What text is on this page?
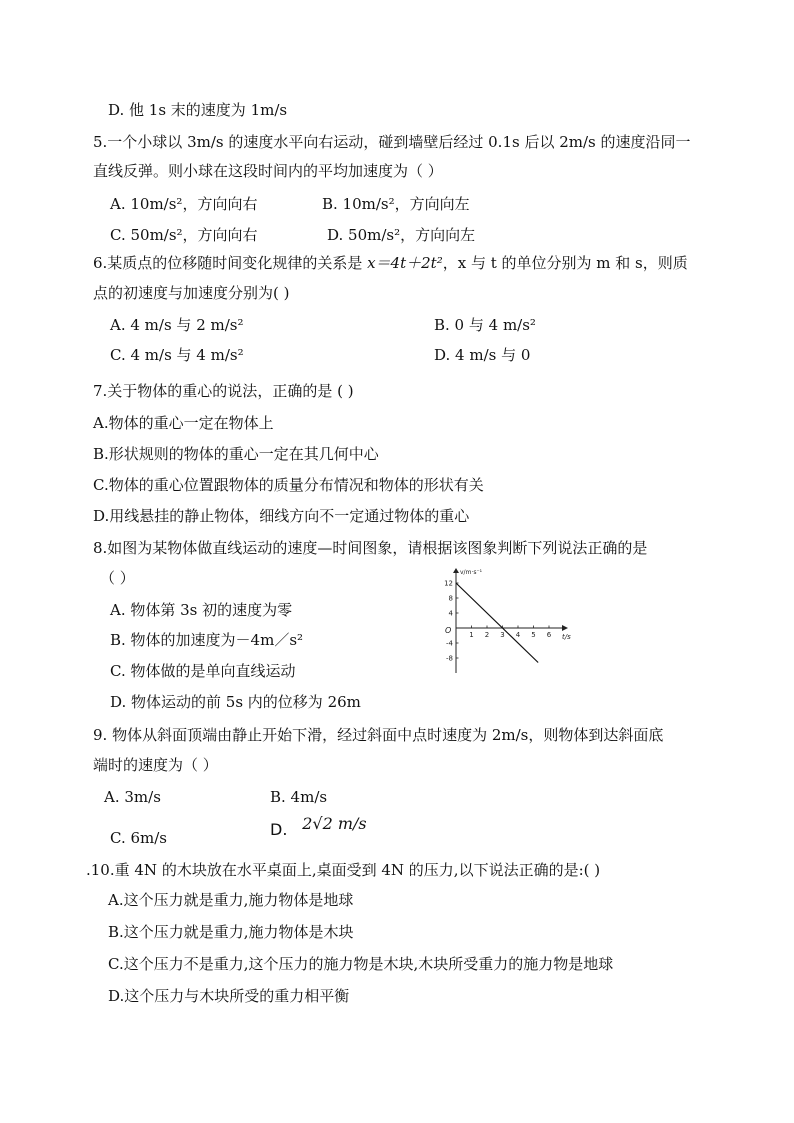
D. 他 1s 末的速度为 1m/s
5.一个小球以 3m/s 的速度水平向右运动，碰到墙壁后经过 0.1s 后以 2m/s 的速度沿同一
直线反弹。则小球在这段时间内的平均加速度为（ ）
A. 10m/s²，方向向右	B. 10m/s²，方向向左
C. 50m/s²，方向向右	D. 50m/s²，方向向左
6.某质点的位移随时间变化规律的关系是 x＝4t＋2t²，x 与 t 的单位分别为 m 和 s，则质
点的初速度与加速度分别为( )
A. 4 m/s 与 2 m/s²	B. 0 与 4 m/s²
C. 4 m/s 与 4 m/s²	D. 4 m/s 与 0
7.关于物体的重心的说法，正确的是 ( )
A.物体的重心一定在物体上
B.形状规则的物体的重心一定在其几何中心
C.物体的重心位置跟物体的质量分布情况和物体的形状有关
D.用线悬挂的静止物体，细线方向不一定通过物体的重心
8.如图为某物体做直线运动的速度—时间图象，请根据该图象判断下列说法正确的是
（ ）
A. 物体第 3s 初的速度为零
B. 物体的加速度为－4m／s²
C. 物体做的是单向直线运动
D. 物体运动的前 5s 内的位移为 26m
1 2 3 4 5 6
12
8
4
-4
-8
v/m·s⁻¹
t/s
O
9. 物体从斜面顶端由静止开始下滑，经过斜面中点时速度为 2m/s，则物体到达斜面底
端时的速度为（ ）
A. 3m/s	B. 4m/s
C. 6m/s	D. 2√2 m/s
.10.重 4N 的木块放在水平桌面上,桌面受到 4N 的压力,以下说法正确的是:( )
A.这个压力就是重力,施力物体是地球
B.这个压力就是重力,施力物体是木块
C.这个压力不是重力,这个压力的施力物是木块,木块所受重力的施力物是地球
D.这个压力与木块所受的重力相平衡
